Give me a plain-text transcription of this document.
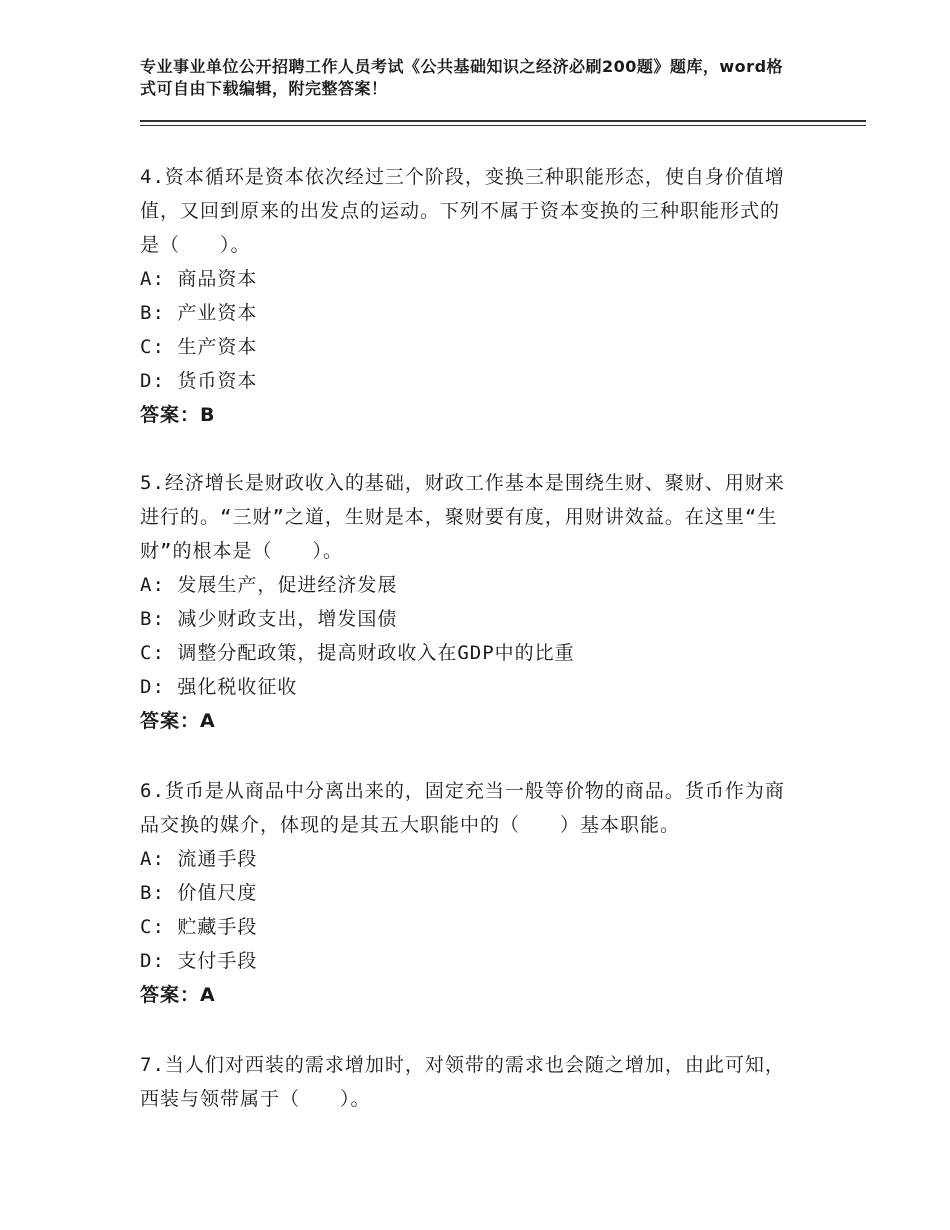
专业事业单位公开招聘工作人员考试《公共基础知识之经济必刷200题》题库，word格式可自由下载编辑，附完整答案！

4.资本循环是资本依次经过三个阶段，变换三种职能形态，使自身价值增值，又回到原来的出发点的运动。下列不属于资本变换的三种职能形式的是（　　）。

A: 商品资本

B: 产业资本

C: 生产资本

D: 货币资本

答案：B

5.经济增长是财政收入的基础，财政工作基本是围绕生财、聚财、用财来进行的。“三财”之道，生财是本，聚财要有度，用财讲效益。在这里“生财”的根本是（　　）。

A: 发展生产，促进经济发展

B: 减少财政支出，增发国债

C: 调整分配政策，提高财政收入在GDP中的比重

D: 强化税收征收

答案：A

6.货币是从商品中分离出来的，固定充当一般等价物的商品。货币作为商品交换的媒介，体现的是其五大职能中的（　　）基本职能。

A: 流通手段

B: 价值尺度

C: 贮藏手段

D: 支付手段

答案：A

7.当人们对西装的需求增加时，对领带的需求也会随之增加，由此可知，西装与领带属于（　　）。
